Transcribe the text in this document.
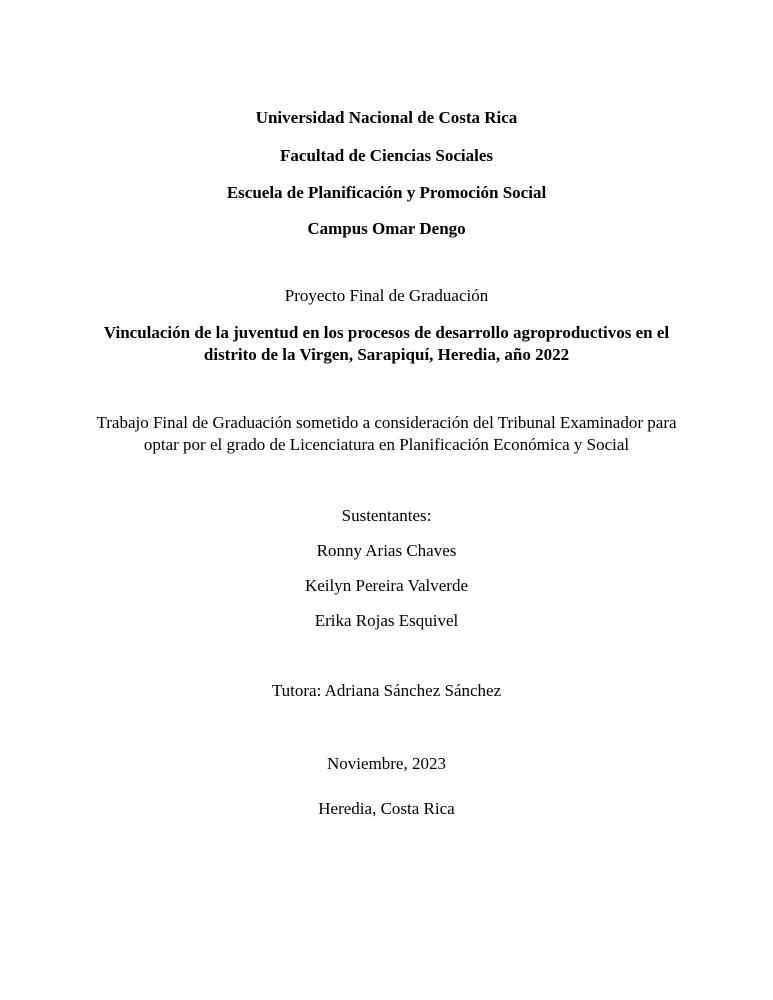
Universidad Nacional de Costa Rica

Facultad de Ciencias Sociales

Escuela de Planificación y Promoción Social

Campus Omar Dengo

Proyecto Final de Graduación

Vinculación de la juventud en los procesos de desarrollo agroproductivos en el distrito de la Virgen, Sarapiquí, Heredia, año 2022

Trabajo Final de Graduación sometido a consideración del Tribunal Examinador para optar por el grado de Licenciatura en Planificación Económica y Social

Sustentantes:

Ronny Arias Chaves

Keilyn Pereira Valverde

Erika Rojas Esquivel

Tutora: Adriana Sánchez Sánchez

Noviembre, 2023

Heredia, Costa Rica
